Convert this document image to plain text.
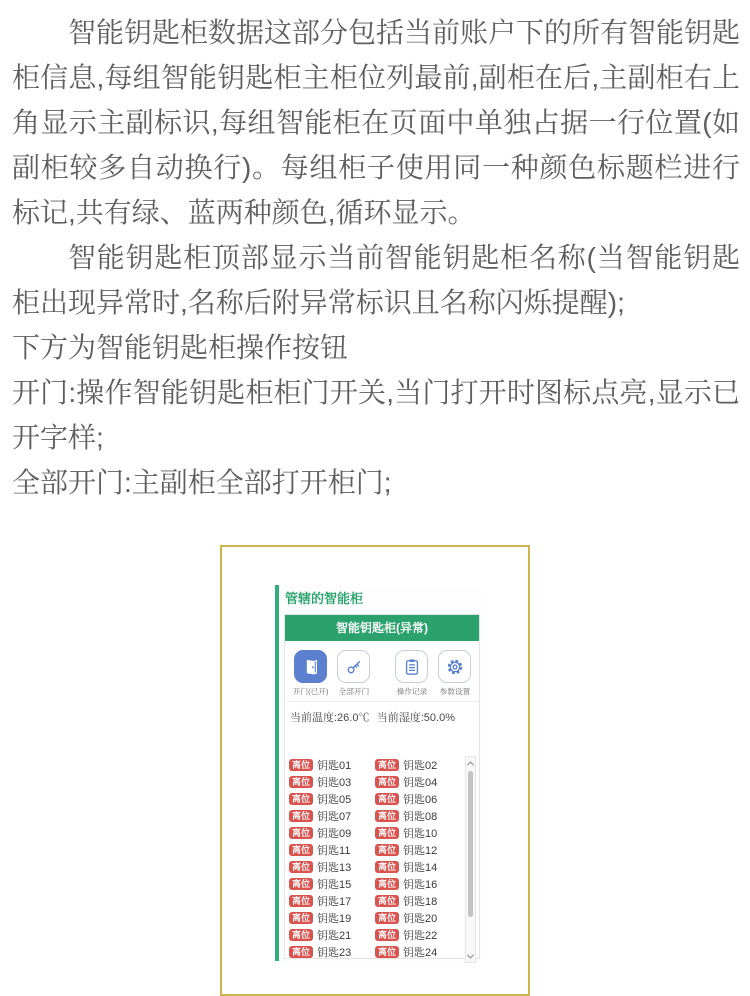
智能钥匙柜数据这部分包括当前账户下的所有智能钥匙柜信息,每组智能钥匙柜主柜位列最前,副柜在后,主副柜右上角显示主副标识,每组智能柜在页面中单独占据一行位置(如副柜较多自动换行)。每组柜子使用同一种颜色标题栏进行标记,共有绿、蓝两种颜色,循环显示。

智能钥匙柜顶部显示当前智能钥匙柜名称(当智能钥匙柜出现异常时,名称后附异常标识且名称闪烁提醒);

下方为智能钥匙柜操作按钮

开门:操作智能钥匙柜柜门开关,当门打开时图标点亮,显示已开字样;

全部开门:主副柜全部打开柜门;

管辖的智能柜
智能钥匙柜(异常)
开门(已开) 全部开门	操作记录 参数设置
当前温度:26.0℃ 当前湿度:50.0%
离位 钥匙01	离位 钥匙02
离位 钥匙03	离位 钥匙04
离位 钥匙05	离位 钥匙06
离位 钥匙07	离位 钥匙08
离位 钥匙09	离位 钥匙10
离位 钥匙11	离位 钥匙12
离位 钥匙13	离位 钥匙14
离位 钥匙15	离位 钥匙16
离位 钥匙17	离位 钥匙18
离位 钥匙19	离位 钥匙20
离位 钥匙21	离位 钥匙22
离位 钥匙23	离位 钥匙24
